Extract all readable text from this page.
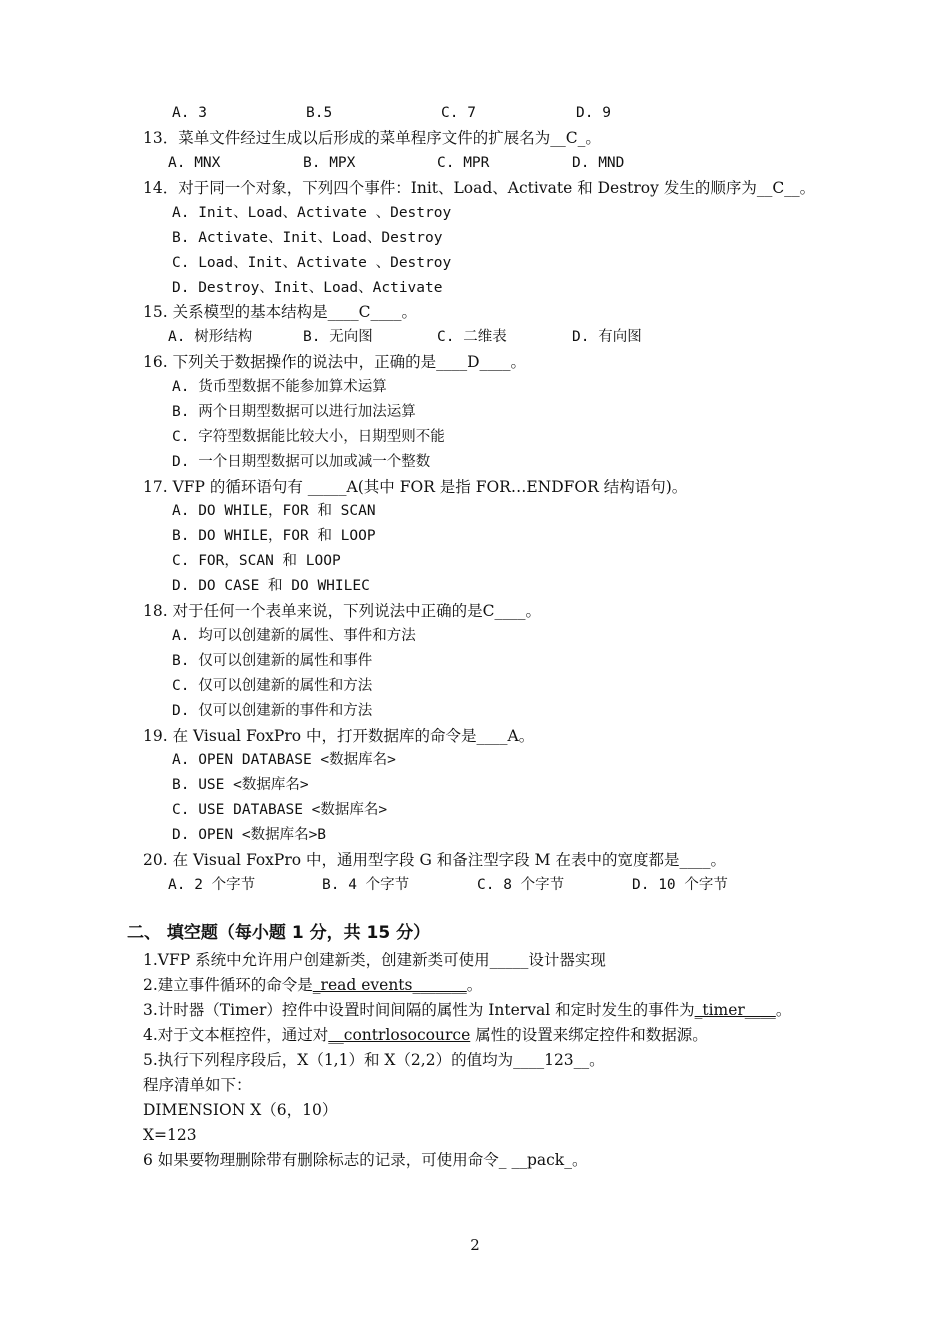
A. 3	B.5	C. 7	D. 9
13．菜单文件经过生成以后形成的菜单程序文件的扩展名为__C_。
A. MNX	B. MPX	C. MPR	D. MND
14．对于同一个对象，下列四个事件：Init、Load、Activate 和 Destroy 发生的顺序为__C__。
A. Init、Load、Activate 、Destroy
B. Activate、Init、Load、Destroy
C. Load、Init、Activate 、Destroy
D. Destroy、Init、Load、Activate
15. 关系模型的基本结构是____C____。
A. 树形结构	B. 无向图	C. 二维表	D. 有向图
16. 下列关于数据操作的说法中，正确的是____D____。
A. 货币型数据不能参加算术运算
B. 两个日期型数据可以进行加法运算
C. 字符型数据能比较大小，日期型则不能
D. 一个日期型数据可以加或减一个整数
17. VFP 的循环语句有 _____A(其中 FOR 是指 FOR…ENDFOR 结构语句)。
A. DO WHILE，FOR 和 SCAN
B. DO WHILE，FOR 和 LOOP
C. FOR，SCAN 和 LOOP
D. DO CASE 和 DO WHILEC
18. 对于任何一个表单来说，下列说法中正确的是C____。
A. 均可以创建新的属性、事件和方法
B. 仅可以创建新的属性和事件
C. 仅可以创建新的属性和方法
D. 仅可以创建新的事件和方法
19. 在 Visual FoxPro 中，打开数据库的命令是____A。
A. OPEN DATABASE <数据库名>
B. USE <数据库名>
C. USE DATABASE <数据库名>
D. OPEN <数据库名>B
20. 在 Visual FoxPro 中，通用型字段 G 和备注型字段 M 在表中的宽度都是____。
A. 2 个字节	B. 4 个字节	C. 8 个字节	D. 10 个字节
二、 填空题（每小题 1 分，共 15 分）
1.VFP 系统中允许用户创建新类，创建新类可使用_____设计器实现
2.建立事件循环的命令是_read events_______。
3.计时器（Timer）控件中设置时间间隔的属性为 Interval 和定时发生的事件为_timer____。
4.对于文本框控件，通过对__contrlosocource 属性的设置来绑定控件和数据源。
5.执行下列程序段后，X（1,1）和 X（2,2）的值均为____123__。
程序清单如下：
DIMENSION X（6，10）
X=123
6 如果要物理删除带有删除标志的记录，可使用命令_ __pack_。
2
